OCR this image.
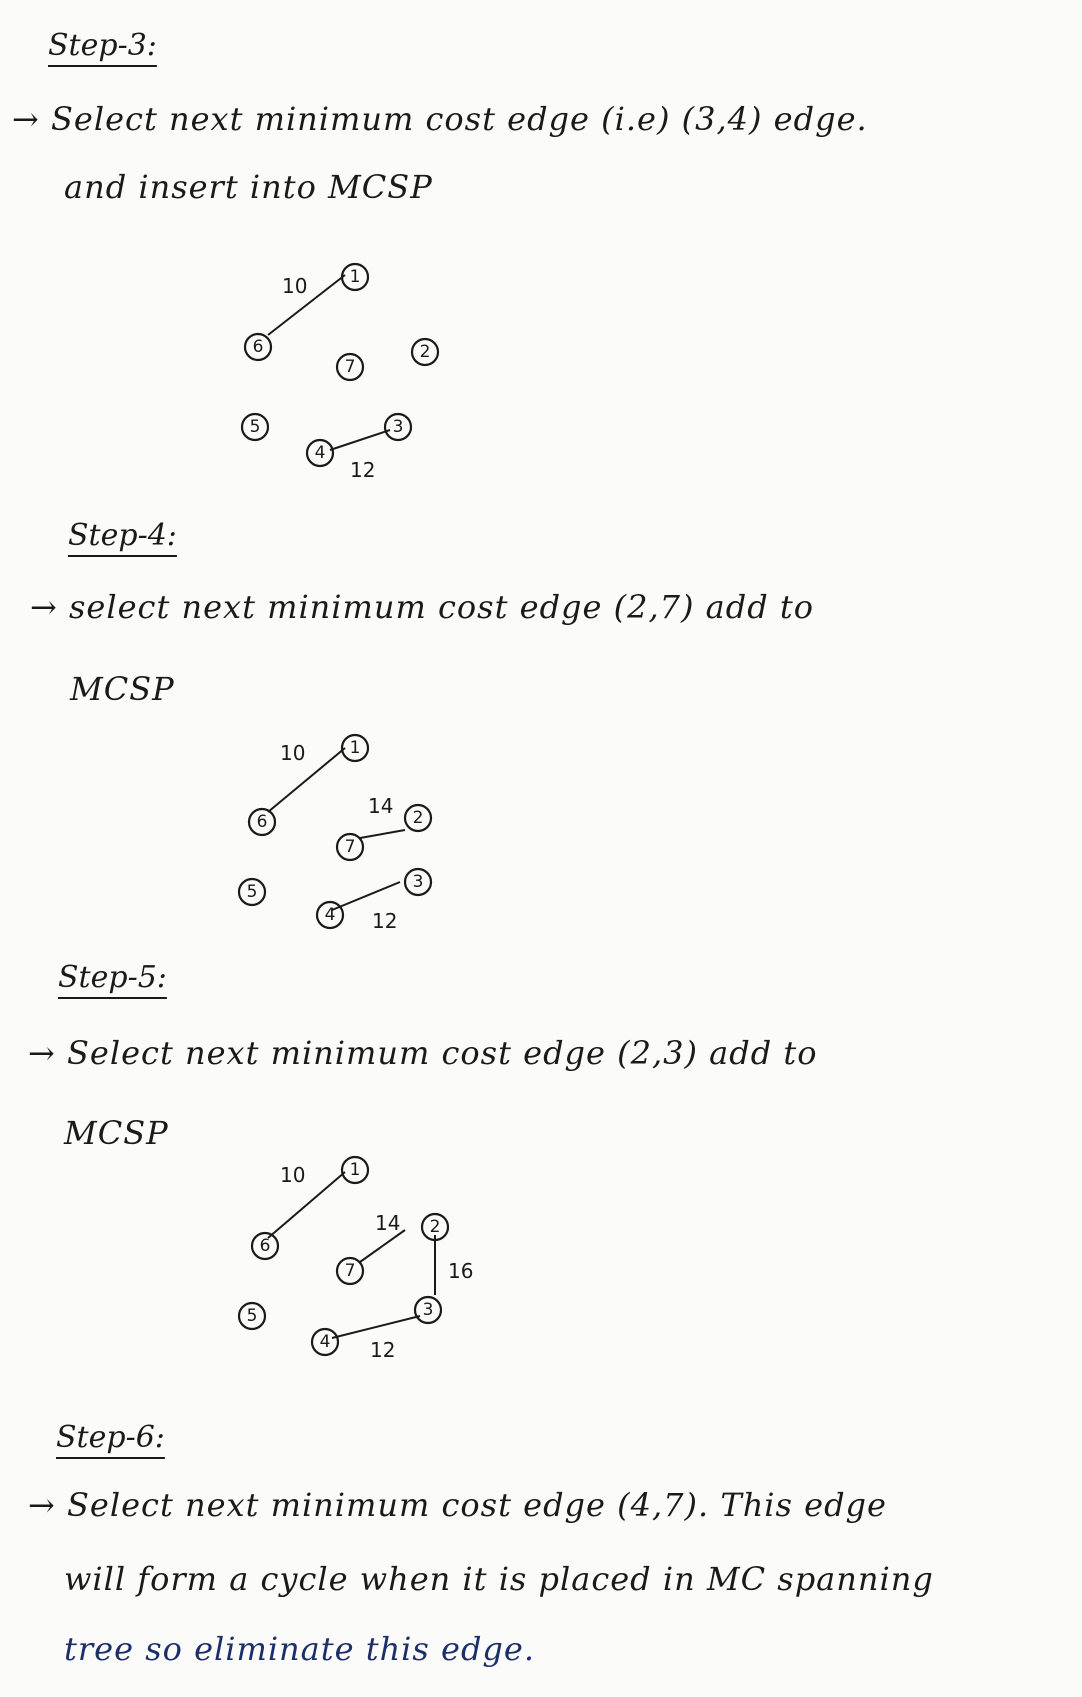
Step-3:
→ Select next minimum cost edge (i.e) (3,4) edge.
and insert into MCSP
10
12
1
6
7
2
5
4
3
Step-4:
→ select next minimum cost edge (2,7) add to
MCSP
10
14
12
1
6
7
2
5
4
3
Step-5:
→ Select next minimum cost edge (2,3) add to
MCSP
10
14
16
12
1
6
7
2
5
4
3
Step-6:
→ Select next minimum cost edge (4,7). This edge
will form a cycle when it is placed in MC spanning
tree so eliminate this edge.
